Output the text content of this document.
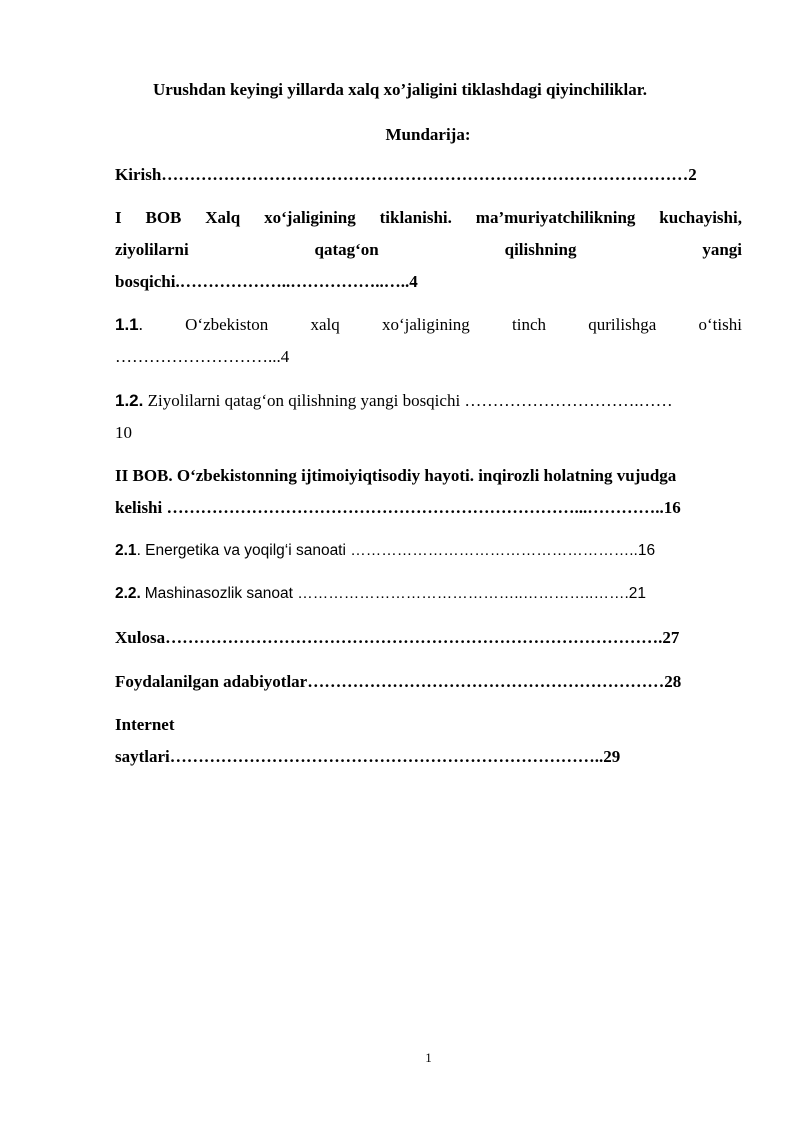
Urushdan keyingi yillarda xalq xo’jaligini tiklashdagi qiyinchiliklar.
Mundarija:
Kirish…………………………………………………………………………………2
I BOB Xalq xo‘jaligining tiklanishi. ma’muriyatchilikning kuchayishi,
ziyolilarni	qatag‘on	qilishning	yangi
bosqichi.………………..……………..…..4
1.1. O‘zbekiston xalq xo‘jaligining tinch qurilishga o‘tishi
………………………...4
1.2. Ziyolilarni qatag‘on qilishning yangi bosqichi ………………………….……
10
II BOB. O‘zbekistonning ijtimoiyiqtisodiy hayoti. inqirozli holatning vujudga
kelishi ………………………………………………………………...…………..16
2.1. Energetika va yoqilg‘i sanoati ………………………………………………..16
2.2. Mashinasozlik sanoat ……………………………………..…………..…….21
Xulosa…………………………………………………………………………….27
Foydalanilgan adabiyotlar………………………………………………………28
Internet
saytlari…………………………………………………………………..29
1
